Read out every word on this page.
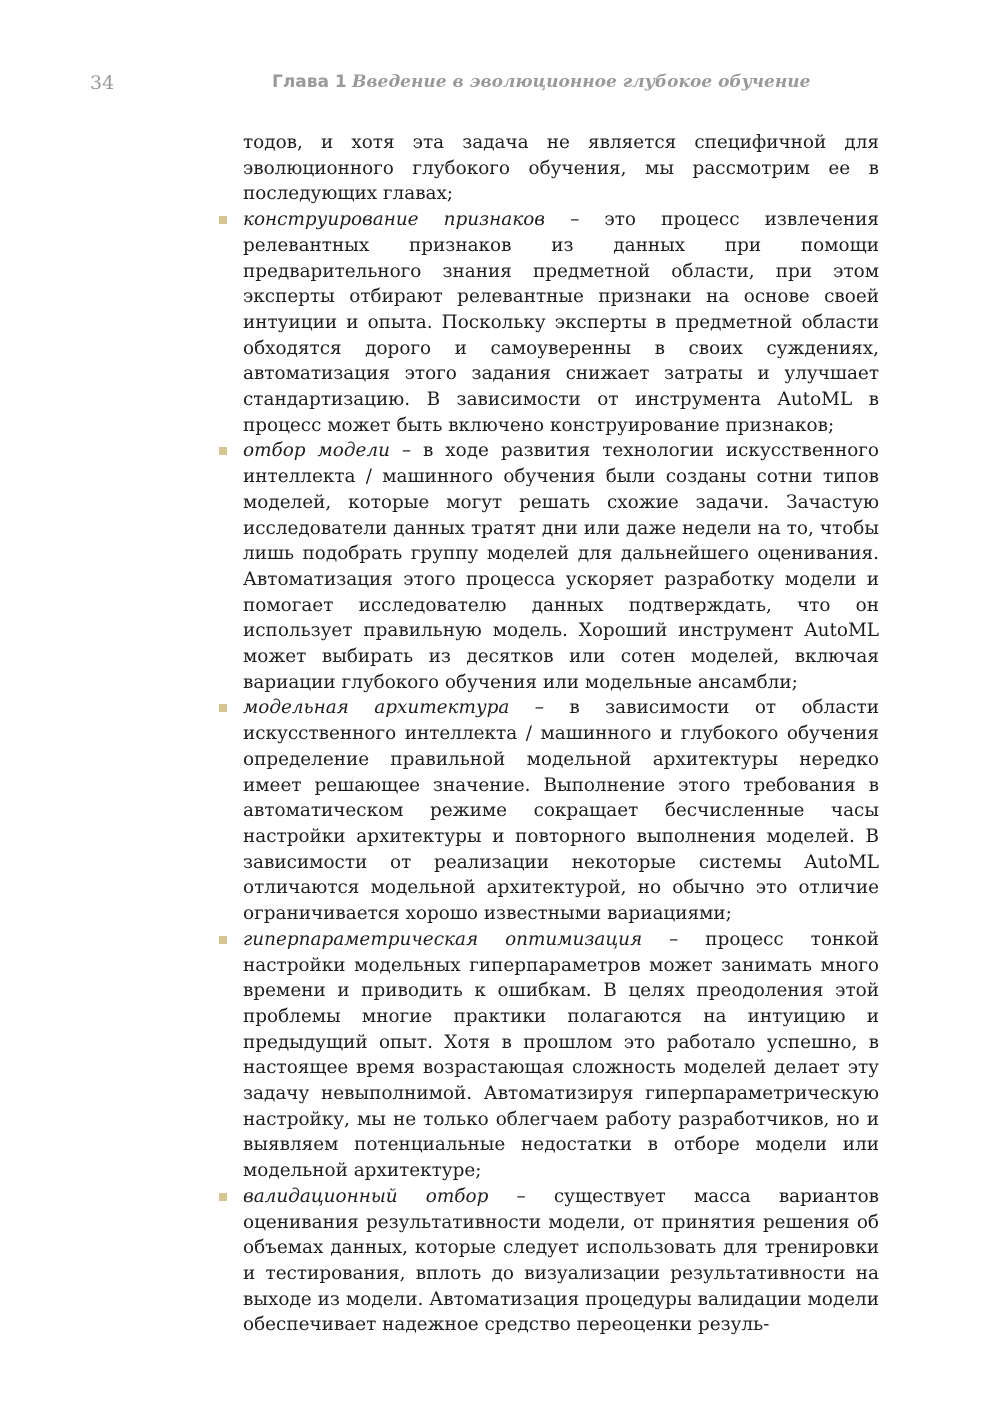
34	Глава 1 Введение в эволюционное глубокое обучение

тодов, и хотя эта задача не является специфичной для эволюционного глубокого обучения, мы рассмотрим ее в последующих главах;

конструирование признаков – это процесс извлечения релевантных признаков из данных при помощи предварительного знания предметной области, при этом эксперты отбирают релевантные признаки на основе своей интуиции и опыта. Поскольку эксперты в предметной области обходятся дорого и самоуверенны в своих суждениях, автоматизация этого задания снижает затраты и улучшает стандартизацию. В зависимости от инструмента AutoML в процесс может быть включено конструирование признаков;

отбор модели – в ходе развития технологии искусственного интеллекта / машинного обучения были созданы сотни типов моделей, которые могут решать схожие задачи. Зачастую исследователи данных тратят дни или даже недели на то, чтобы лишь подобрать группу моделей для дальнейшего оценивания. Автоматизация этого процесса ускоряет разработку модели и помогает исследователю данных подтверждать, что он использует правильную модель. Хороший инструмент AutoML может выбирать из десятков или сотен моделей, включая вариации глубокого обучения или модельные ансамбли;

модельная архитектура – в зависимости от области искусственного интеллекта / машинного и глубокого обучения определение правильной модельной архитектуры нередко имеет решающее значение. Выполнение этого требования в автоматическом режиме сокращает бесчисленные часы настройки архитектуры и повторного выполнения моделей. В зависимости от реализации некоторые системы AutoML отличаются модельной архитектурой, но обычно это отличие ограничивается хорошо известными вариациями;

гиперпараметрическая оптимизация – процесс тонкой настройки модельных гиперпараметров может занимать много времени и приводить к ошибкам. В целях преодоления этой проблемы многие практики полагаются на интуицию и предыдущий опыт. Хотя в прошлом это работало успешно, в настоящее время возрастающая сложность моделей делает эту задачу невыполнимой. Автоматизируя гиперпараметрическую настройку, мы не только облегчаем работу разработчиков, но и выявляем потенциальные недостатки в отборе модели или модельной архитектуре;

валидационный отбор – существует масса вариантов оценивания результативности модели, от принятия решения об объемах данных, которые следует использовать для тренировки и тестирования, вплоть до визуализации результативности на выходе из модели. Автоматизация процедуры валидации модели обеспечивает надежное средство переоценки резуль-
